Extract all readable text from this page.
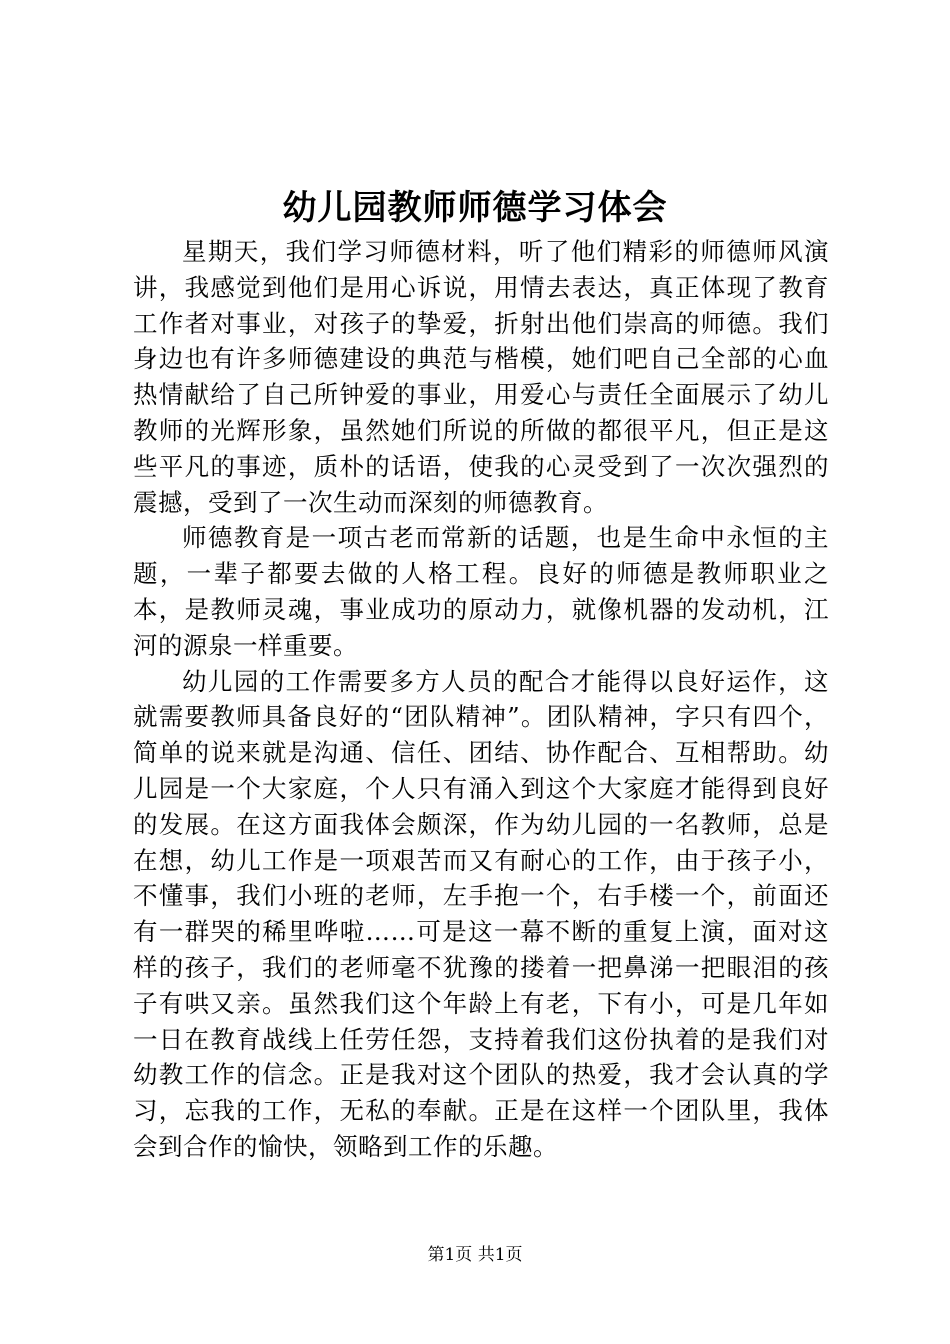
幼儿园教师师德学习体会

星期天，我们学习师德材料，听了他们精彩的师德师风演讲，我感觉到他们是用心诉说，用情去表达，真正体现了教育工作者对事业，对孩子的挚爱，折射出他们崇高的师德。我们身边也有许多师德建设的典范与楷模，她们吧自己全部的心血热情献给了自己所钟爱的事业，用爱心与责任全面展示了幼儿教师的光辉形象，虽然她们所说的所做的都很平凡，但正是这些平凡的事迹，质朴的话语，使我的心灵受到了一次次强烈的震撼，受到了一次生动而深刻的师德教育。

师德教育是一项古老而常新的话题，也是生命中永恒的主题，一辈子都要去做的人格工程。良好的师德是教师职业之本，是教师灵魂，事业成功的原动力，就像机器的发动机，江河的源泉一样重要。

幼儿园的工作需要多方人员的配合才能得以良好运作，这就需要教师具备良好的“团队精神”。团队精神，字只有四个，简单的说来就是沟通、信任、团结、协作配合、互相帮助。幼儿园是一个大家庭，个人只有涌入到这个大家庭才能得到良好的发展。在这方面我体会颇深，作为幼儿园的一名教师，总是在想，幼儿工作是一项艰苦而又有耐心的工作，由于孩子小，不懂事，我们小班的老师，左手抱一个，右手楼一个，前面还有一群哭的稀里哗啦……可是这一幕不断的重复上演，面对这样的孩子，我们的老师毫不犹豫的搂着一把鼻涕一把眼泪的孩子有哄又亲。虽然我们这个年龄上有老，下有小，可是几年如一日在教育战线上任劳任怨，支持着我们这份执着的是我们对幼教工作的信念。正是我对这个团队的热爱，我才会认真的学习，忘我的工作，无私的奉献。正是在这样一个团队里，我体会到合作的愉快，领略到工作的乐趣。

第1页 共1页
